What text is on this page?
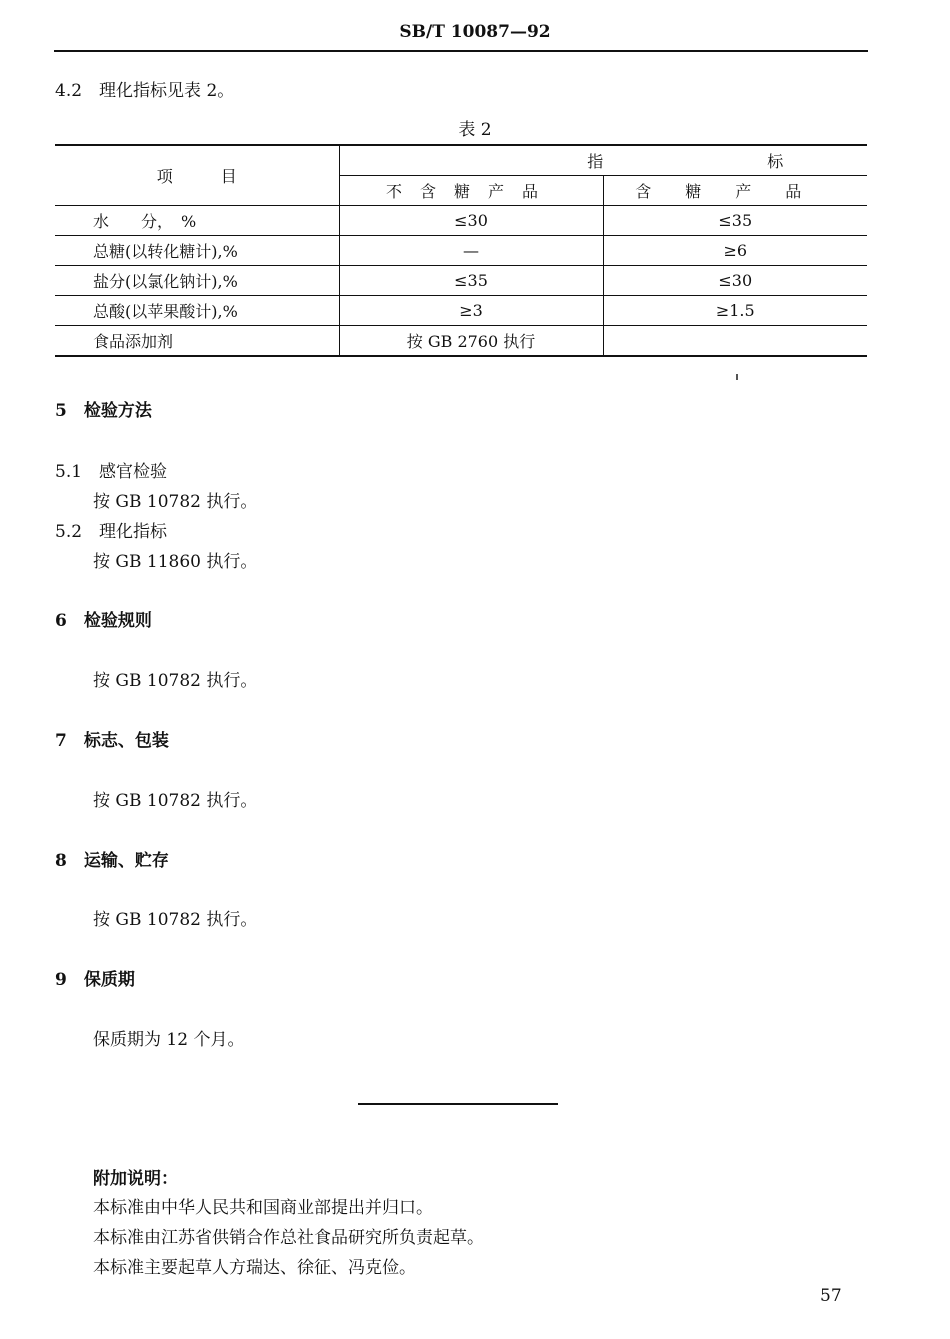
SB/T 10087—92
4.2　理化指标见表 2。
表 2
项　　　目	指 标	
	不含糖产品	含糖产品
水　　分，　%	≤30	≤35
总糖(以转化糖计),%	—	≥6
盐分(以氯化钠计),%	≤35	≤30
总酸(以苹果酸计),%	≥3	≥1.5
食品添加剂	按 GB 2760 执行	
5　检验方法
5.1　感官检验
按 GB 10782 执行。
5.2　理化指标
按 GB 11860 执行。
6　检验规则
按 GB 10782 执行。
7　标志、包装
按 GB 10782 执行。
8　运输、贮存
按 GB 10782 执行。
9　保质期
保质期为 12 个月。
附加说明：
本标准由中华人民共和国商业部提出并归口。
本标准由江苏省供销合作总社食品研究所负责起草。
本标准主要起草人方瑞达、徐征、冯克俭。
57
